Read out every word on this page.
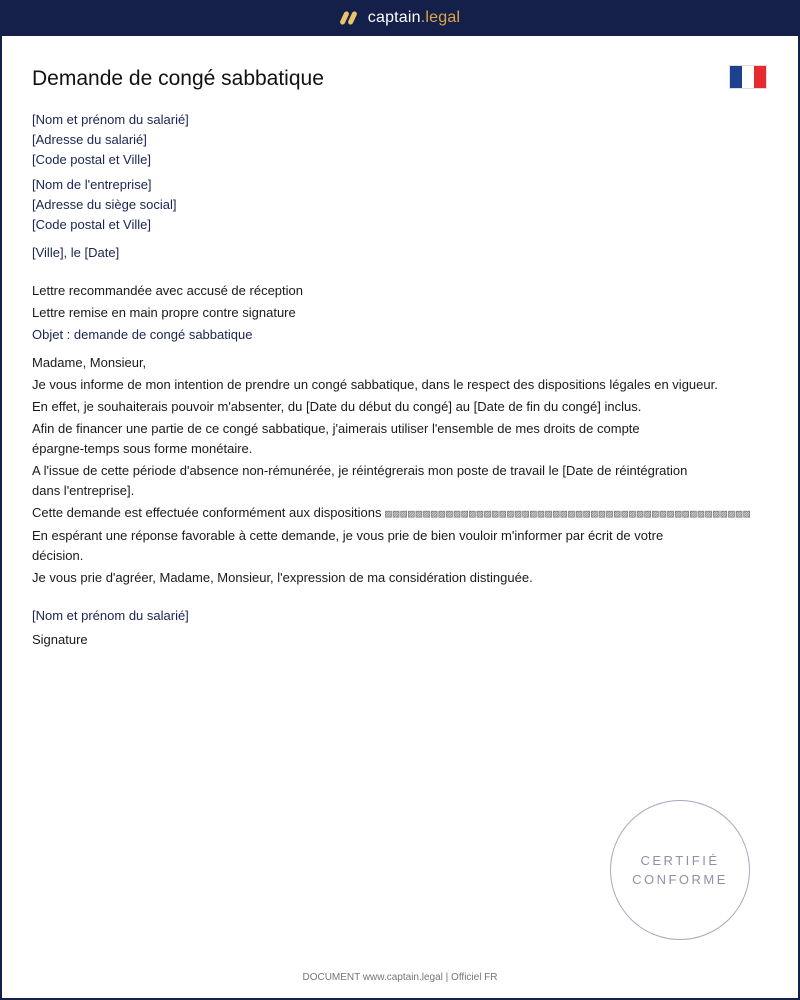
captain.legal
Demande de congé sabbatique
[Nom et prénom du salarié]
[Adresse du salarié]
[Code postal et Ville]
[Nom de l'entreprise]
[Adresse du siège social]
[Code postal et Ville]
[Ville], le [Date]
Lettre recommandée avec accusé de réception
Lettre remise en main propre contre signature
Objet : demande de congé sabbatique
Madame, Monsieur,
Je vous informe de mon intention de prendre un congé sabbatique, dans le respect des dispositions légales en vigueur.
En effet, je souhaiterais pouvoir m'absenter, du [Date du début du congé] au [Date de fin du congé] inclus.
Afin de financer une partie de ce congé sabbatique, j'aimerais utiliser l'ensemble de mes droits de compte
épargne-temps sous forme monétaire.
A l'issue de cette période d'absence non-rémunérée, je réintégrerais mon poste de travail le [Date de réintégration
dans l'entreprise].
Cette demande est effectuée conformément aux dispositions ▨▨▨▨▨▨▨▨▨▨▨▨▨▨▨▨▨▨▨▨▨▨▨▨▨▨▨▨▨▨▨▨▨▨▨▨▨▨▨▨▨▨▨▨▨▨▨▨
En espérant une réponse favorable à cette demande, je vous prie de bien vouloir m'informer par écrit de votre
décision.
Je vous prie d'agréer, Madame, Monsieur, l'expression de ma considération distinguée.
[Nom et prénom du salarié]
Signature
CERTIFIÉ
CONFORME
DOCUMENT www.captain.legal | Officiel FR
